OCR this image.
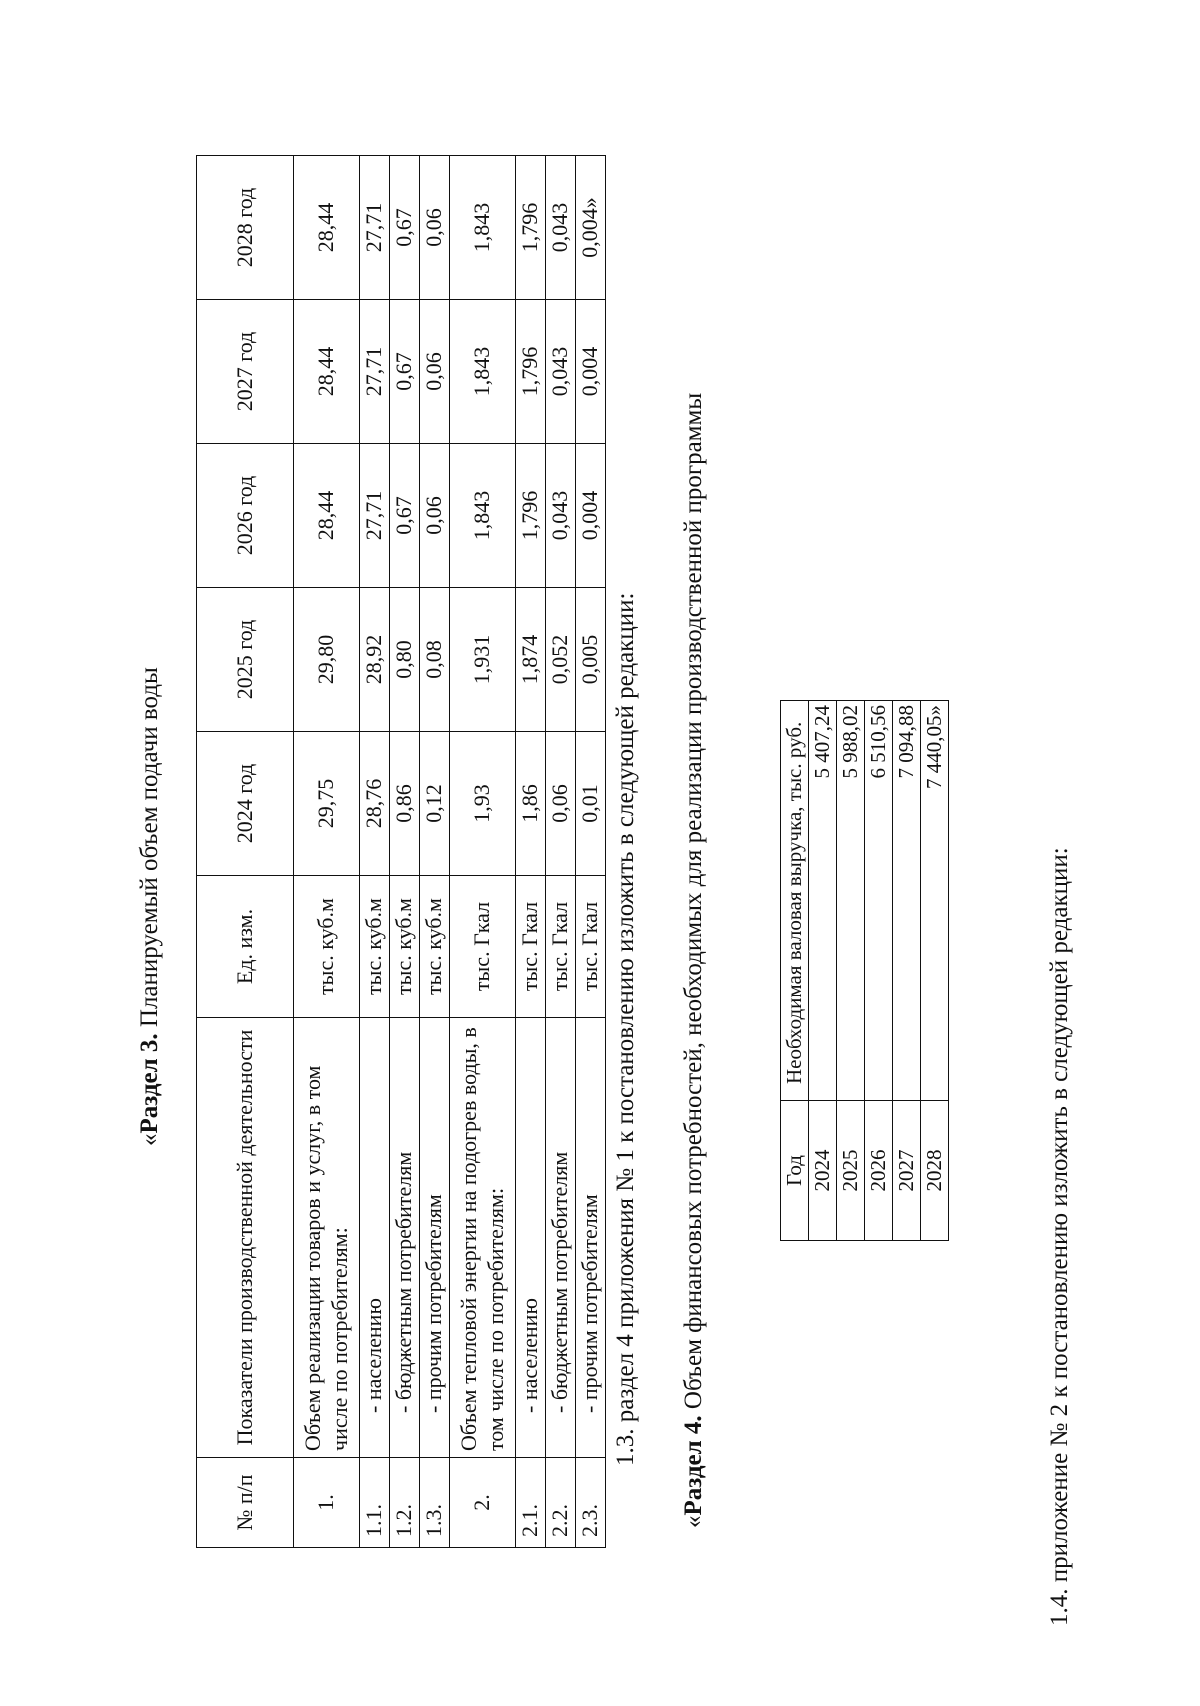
«Раздел 3. Планируемый объем подачи воды
№ п/п	Показатели производственной деятельности	Ед. изм.	2024 год	2025 год	2026 год	2027 год	2028 год
1.	Объем реализации товаров и услуг, в том числе по потребителям:	тыс. куб.м	29,75	29,80	28,44	28,44	28,44
1.1.	- населению	тыс. куб.м	28,76	28,92	27,71	27,71	27,71
1.2.	- бюджетным потребителям	тыс. куб.м	0,86	0,80	0,67	0,67	0,67
1.3.	- прочим потребителям	тыс. куб.м	0,12	0,08	0,06	0,06	0,06
2.	Объем тепловой энергии на подогрев воды, в том числе по потребителям:	тыс. Гкал	1,93	1,931	1,843	1,843	1,843
2.1.	- населению	тыс. Гкал	1,86	1,874	1,796	1,796	1,796
2.2.	- бюджетным потребителям	тыс. Гкал	0,06	0,052	0,043	0,043	0,043
2.3.	- прочим потребителям	тыс. Гкал	0,01	0,005	0,004	0,004	0,004»
1.3. раздел 4 приложения № 1 к постановлению изложить в следующей редакции:
«Раздел 4. Объем финансовых потребностей, необходимых для реализации производственной программы	Год	Необходимая валовая выручка, тыс. руб.
2024	5 407,24
2025	5 988,02
2026	6 510,56
2027	7 094,88
2028	7 440,05»
1.4. приложение № 2 к постановлению изложить в следующей редакции:
